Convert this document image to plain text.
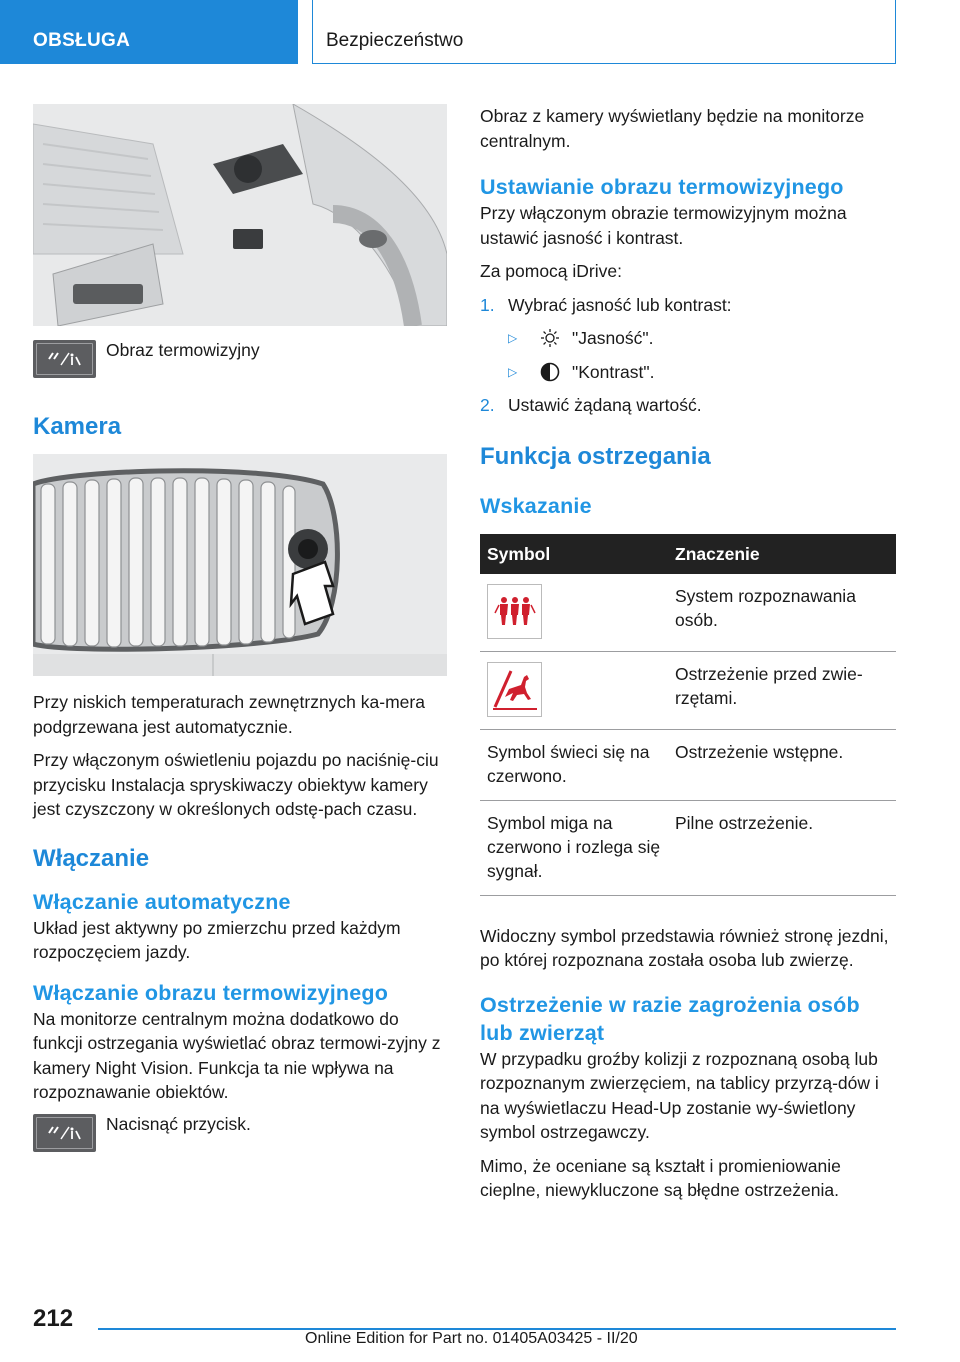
OBSŁUGA	Bezpieczeństwo
Obraz termowizyjny
Kamera

Przy niskich temperaturach zewnętrznych ka-mera podgrzewana jest automatycznie.

Przy włączonym oświetleniu pojazdu po naciśnię-ciu przycisku Instalacja spryskiwaczy obiektyw kamery jest czyszczony w określonych odstę-pach czasu.

Włączanie
Włączanie automatyczne

Układ jest aktywny po zmierzchu przed każdym rozpoczęciem jazdy.

Włączanie obrazu termowizyjnego

Na monitorze centralnym można dodatkowo do funkcji ostrzegania wyświetlać obraz termowi-zyjny z kamery Night Vision. Funkcja ta nie wpływa na rozpoznawanie obiektów.

Nacisnąć przycisk.

Obraz z kamery wyświetlany będzie na monitorze centralnym.

Ustawianie obrazu termowizyjnego

Przy włączonym obrazie termowizyjnym można ustawić jasność i kontrast.

Za pomocą iDrive:

1. Wybrać jasność lub kontrast:
▷	"Jasność".
▷	"Kontrast".
2. Ustawić żądaną wartość.
Funkcja ostrzegania
Wskazanie
Symbol	Znaczenie

	System rozpoznawania osób.

	Ostrzeżenie przed zwie-rzętami.
Symbol świeci się na czerwono.	Ostrzeżenie wstępne.
Symbol miga na czerwono i rozlega się sygnał.	Pilne ostrzeżenie.

Widoczny symbol przedstawia również stronę jezdni, po której rozpoznana została osoba lub zwierzę.

Ostrzeżenie w razie zagrożenia osób lub zwierząt

W przypadku groźby kolizji z rozpoznaną osobą lub rozpoznanym zwierzęciem, na tablicy przyrzą-dów i na wyświetlaczu Head-Up zostanie wy-świetlony symbol ostrzegawczy.

Mimo, że oceniane są kształt i promieniowanie cieplne, niewykluczone są błędne ostrzeżenia.

212
Online Edition for Part no. 01405A03425 - II/20
